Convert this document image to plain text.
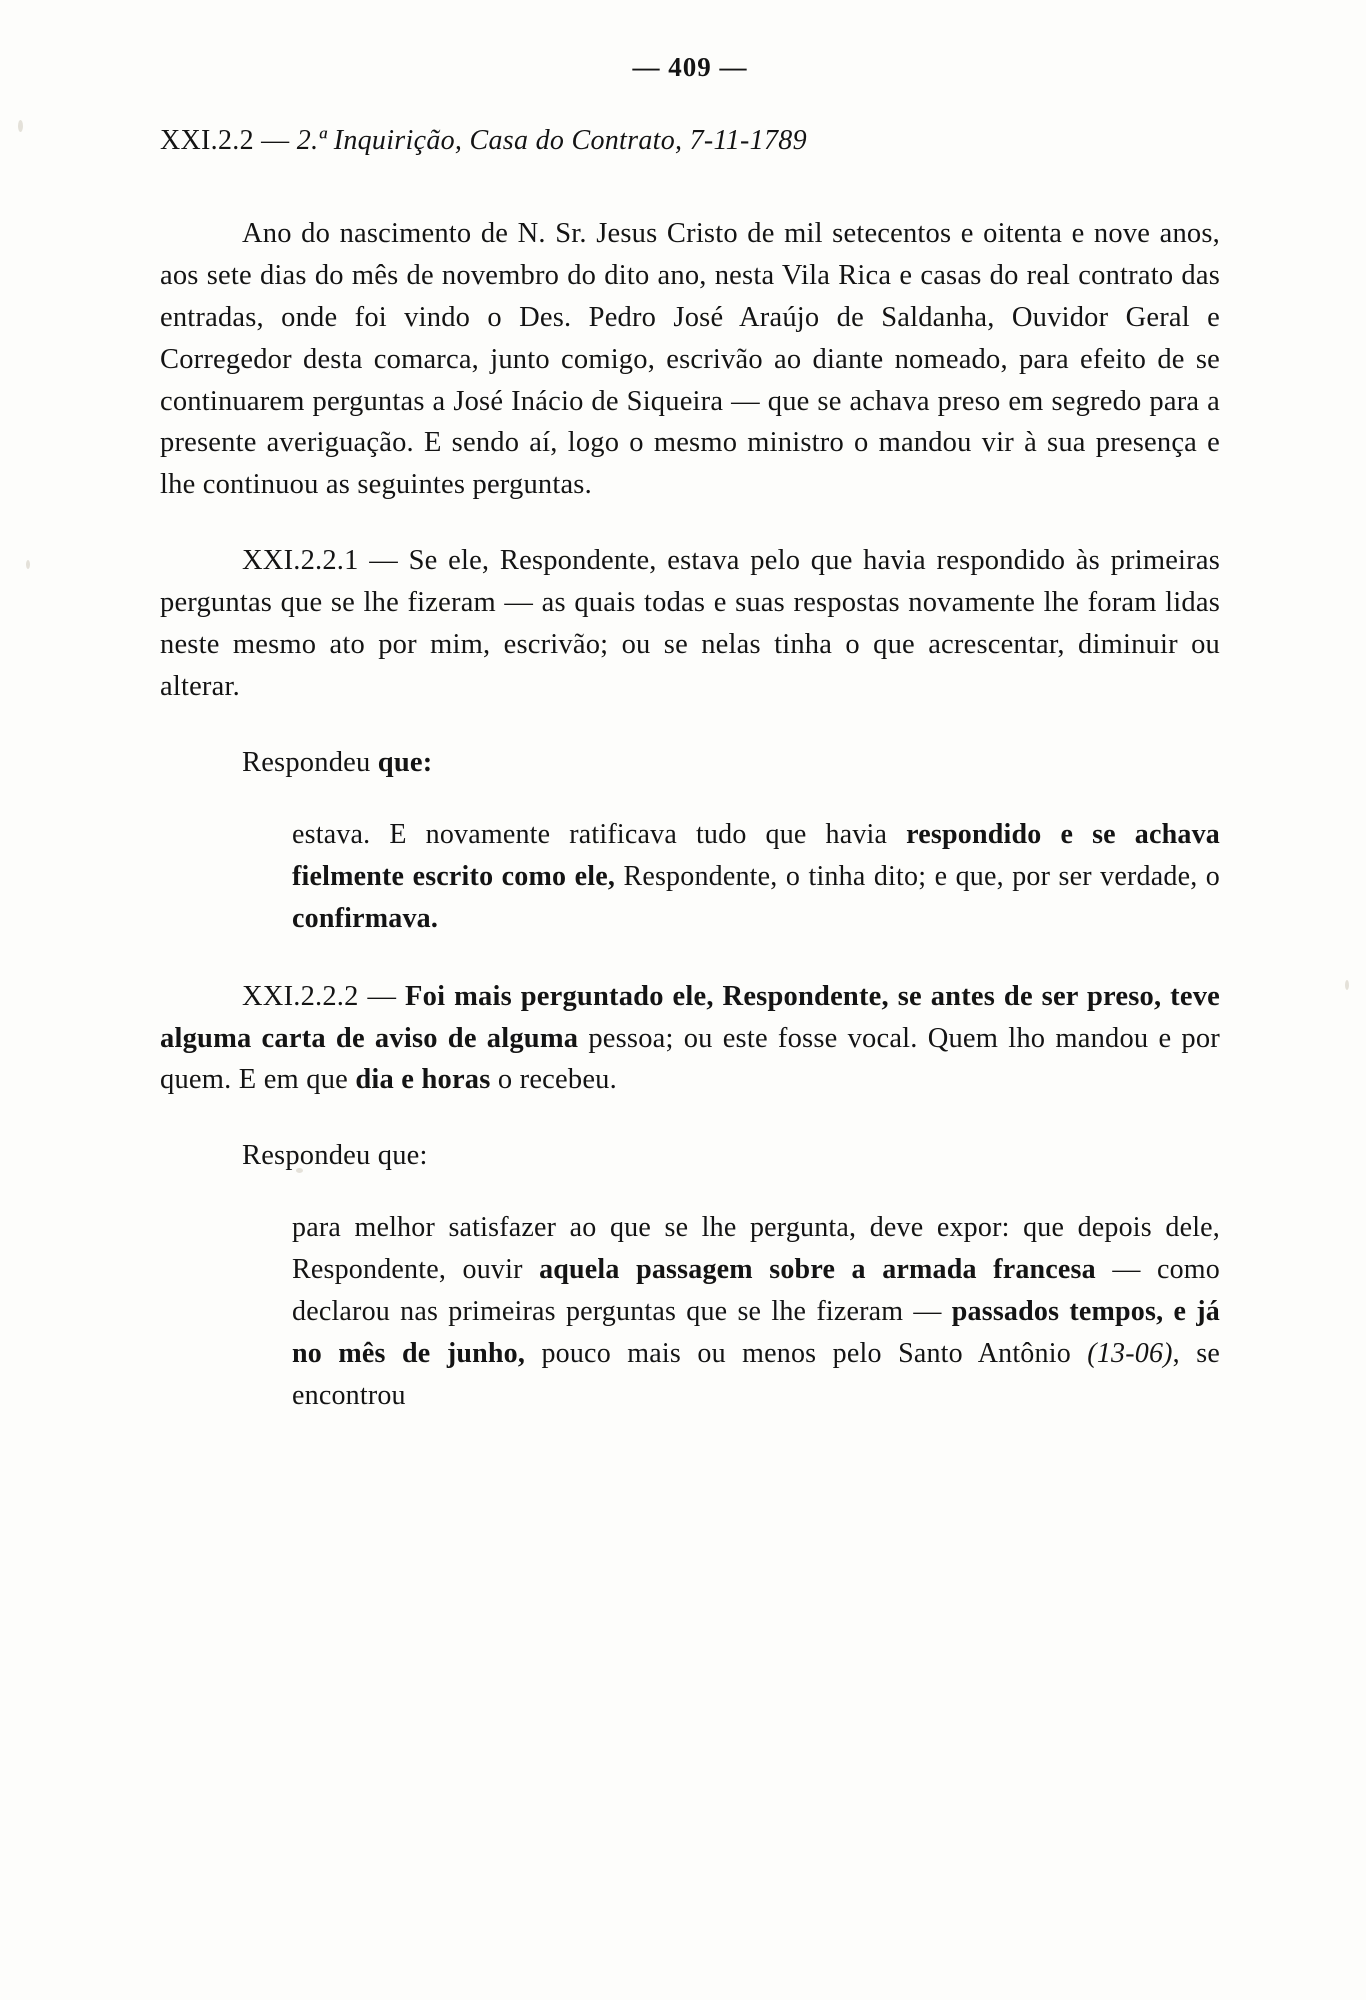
— 409 —
XXI.2.2 — 2.ª Inquirição, Casa do Contrato, 7-11-1789

Ano do nascimento de N. Sr. Jesus Cristo de mil setecentos e oitenta e nove anos, aos sete dias do mês de novembro do dito ano, nesta Vila Rica e casas do real contrato das entradas, onde foi vindo o Des. Pedro José Araújo de Saldanha, Ouvidor Geral e Corregedor desta comarca, junto comigo, escrivão ao diante nomeado, para efeito de se continuarem perguntas a José Inácio de Siqueira — que se achava preso em segredo para a presente averiguação. E sendo aí, logo o mesmo ministro o mandou vir à sua presença e lhe continuou as seguintes perguntas.

XXI.2.2.1 — Se ele, Respondente, estava pelo que havia respondido às primeiras perguntas que se lhe fizeram — as quais todas e suas respostas novamente lhe foram lidas neste mesmo ato por mim, escrivão; ou se nelas tinha o que acrescentar, diminuir ou alterar.

Respondeu que:

estava. E novamente ratificava tudo que havia respondido e se achava fielmente escrito como ele, Respondente, o tinha dito; e que, por ser verdade, o confirmava.

XXI.2.2.2 — Foi mais perguntado ele, Respondente, se antes de ser preso, teve alguma carta de aviso de alguma pessoa; ou este fosse vocal. Quem lho mandou e por quem. E em que dia e horas o recebeu.

Respondeu que:

para melhor satisfazer ao que se lhe pergunta, deve expor: que depois dele, Respondente, ouvir aquela passagem sobre a armada francesa — como declarou nas primeiras perguntas que se lhe fizeram — passados tempos, e já no mês de junho, pouco mais ou menos pelo Santo Antônio (13-06), se encontrou
